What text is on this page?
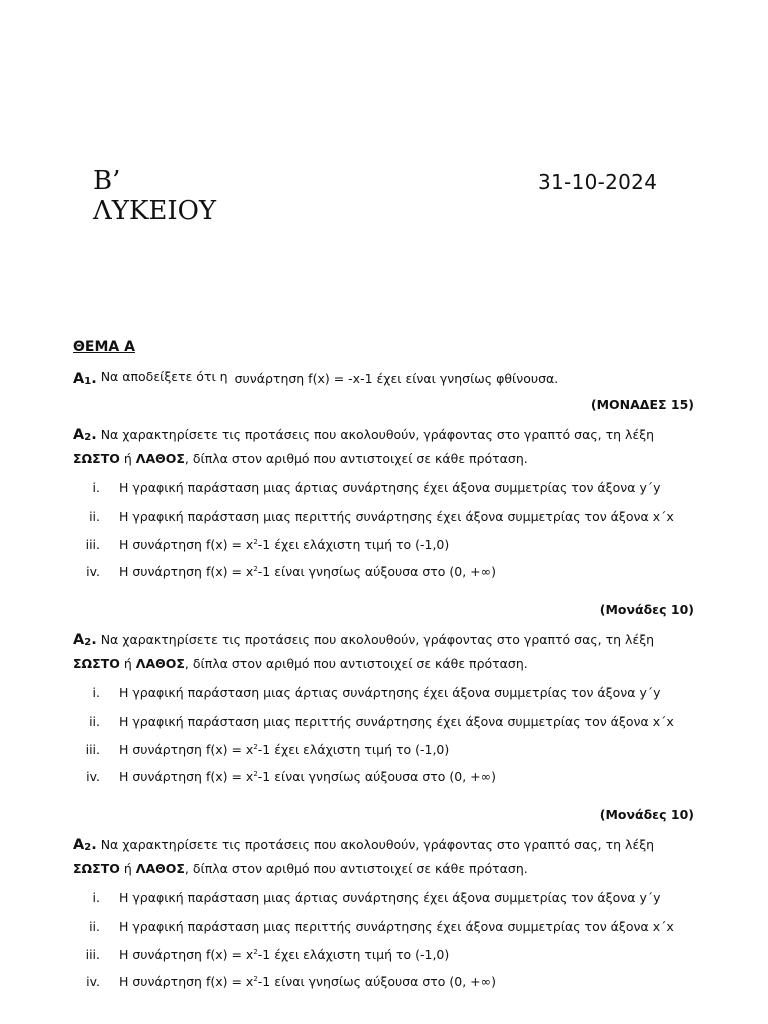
Β’
ΛΥΚΕΙΟΥ
31-10-2024
ΘΕΜΑ Α
$A_1$. Να αποδείξετε ότι η συνάρτηση f(x) = -x-1 έχει είναι γνησίως φθίνουσα.
(ΜΟΝΑΔΕΣ 15)
$A_2$. Να χαρακτηρίσετε τις προτάσεις που ακολουθούν, γράφοντας στο γραπτό σας, τη λέξη
ΣΩΣΤΟ ή ΛΑΘΟΣ, δίπλα στον αριθμό που αντιστοιχεί σε κάθε πρόταση.
i. Η γραφική παράσταση μιας άρτιας συνάρτησης έχει άξονα συμμετρίας τον άξονα y΄y
ii. Η γραφική παράσταση μιας περιττής συνάρτησης έχει άξονα συμμετρίας τον άξονα x΄x
iii. Η συνάρτηση $f(x) = x^2-1$ έχει ελάχιστη τιμή το (-1,0)
iv. Η συνάρτηση $f(x) = x^2-1$ είναι γνησίως αύξουσα στο (0, +∞)
(Μονάδες 10)
$A_2$. Να χαρακτηρίσετε τις προτάσεις που ακολουθούν, γράφοντας στο γραπτό σας, τη λέξη
ΣΩΣΤΟ ή ΛΑΘΟΣ, δίπλα στον αριθμό που αντιστοιχεί σε κάθε πρόταση.
i. Η γραφική παράσταση μιας άρτιας συνάρτησης έχει άξονα συμμετρίας τον άξονα y΄y
ii. Η γραφική παράσταση μιας περιττής συνάρτησης έχει άξονα συμμετρίας τον άξονα x΄x
iii. Η συνάρτηση $f(x) = x^2-1$ έχει ελάχιστη τιμή το (-1,0)
iv. Η συνάρτηση $f(x) = x^2-1$ είναι γνησίως αύξουσα στο (0, +∞)
(Μονάδες 10)
$A_2$. Να χαρακτηρίσετε τις προτάσεις που ακολουθούν, γράφοντας στο γραπτό σας, τη λέξη
ΣΩΣΤΟ ή ΛΑΘΟΣ, δίπλα στον αριθμό που αντιστοιχεί σε κάθε πρόταση.
i. Η γραφική παράσταση μιας άρτιας συνάρτησης έχει άξονα συμμετρίας τον άξονα y΄y
ii. Η γραφική παράσταση μιας περιττής συνάρτησης έχει άξονα συμμετρίας τον άξονα x΄x
iii. Η συνάρτηση $f(x) = x^2-1$ έχει ελάχιστη τιμή το (-1,0)
iv. Η συνάρτηση $f(x) = x^2-1$ είναι γνησίως αύξουσα στο (0, +∞)
